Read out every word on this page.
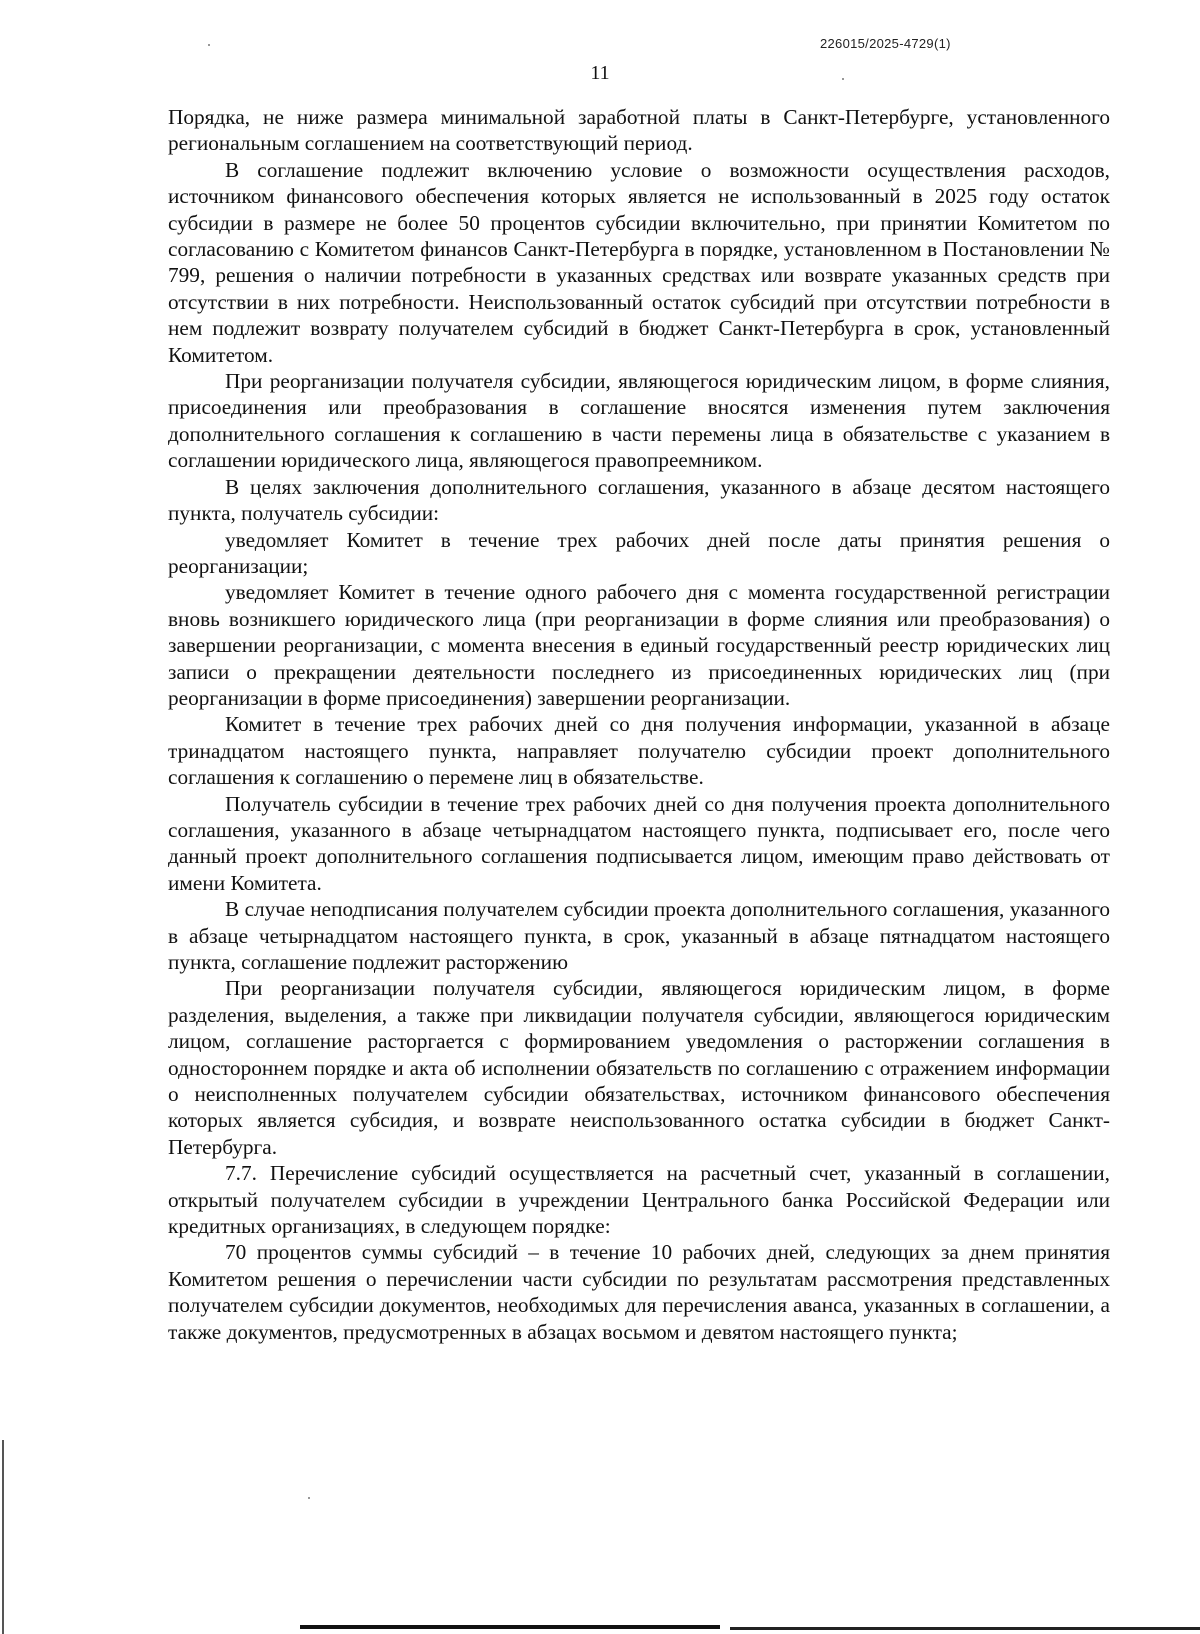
226015/2025-4729(1)
11

Порядка, не ниже размера минимальной заработной платы в Санкт-Петербурге, установленного региональным соглашением на соответствующий период.

В соглашение подлежит включению условие о возможности осуществления расходов, источником финансового обеспечения которых является не использованный в 2025 году остаток субсидии в размере не более 50 процентов субсидии включительно, при принятии Комитетом по согласованию с Комитетом финансов Санкт-Петербурга в порядке, установленном в Постановлении № 799, решения о наличии потребности в указанных средствах или возврате указанных средств при отсутствии в них потребности. Неиспользованный остаток субсидий при отсутствии потребности в нем подлежит возврату получателем субсидий в бюджет Санкт-Петербурга в срок, установленный Комитетом.

При реорганизации получателя субсидии, являющегося юридическим лицом, в форме слияния, присоединения или преобразования в соглашение вносятся изменения путем заключения дополнительного соглашения к соглашению в части перемены лица в обязательстве с указанием в соглашении юридического лица, являющегося правопреемником.

В целях заключения дополнительного соглашения, указанного в абзаце десятом настоящего пункта, получатель субсидии:

уведомляет Комитет в течение трех рабочих дней после даты принятия решения о реорганизации;

уведомляет Комитет в течение одного рабочего дня с момента государственной регистрации вновь возникшего юридического лица (при реорганизации в форме слияния или преобразования) о завершении реорганизации, с момента внесения в единый государственный реестр юридических лиц записи о прекращении деятельности последнего из присоединенных юридических лиц (при реорганизации в форме присоединения) завершении реорганизации.

Комитет в течение трех рабочих дней со дня получения информации, указанной в абзаце тринадцатом настоящего пункта, направляет получателю субсидии проект дополнительного соглашения к соглашению о перемене лиц в обязательстве.

Получатель субсидии в течение трех рабочих дней со дня получения проекта дополнительного соглашения, указанного в абзаце четырнадцатом настоящего пункта, подписывает его, после чего данный проект дополнительного соглашения подписывается лицом, имеющим право действовать от имени Комитета.

В случае неподписания получателем субсидии проекта дополнительного соглашения, указанного в абзаце четырнадцатом настоящего пункта, в срок, указанный в абзаце пятнадцатом настоящего пункта, соглашение подлежит расторжению

При реорганизации получателя субсидии, являющегося юридическим лицом, в форме разделения, выделения, а также при ликвидации получателя субсидии, являющегося юридическим лицом, соглашение расторгается с формированием уведомления о расторжении соглашения в одностороннем порядке и акта об исполнении обязательств по соглашению с отражением информации о неисполненных получателем субсидии обязательствах, источником финансового обеспечения которых является субсидия, и возврате неиспользованного остатка субсидии в бюджет Санкт-Петербурга.

7.7. Перечисление субсидий осуществляется на расчетный счет, указанный в соглашении, открытый получателем субсидии в учреждении Центрального банка Российской Федерации или кредитных организациях, в следующем порядке:

70 процентов суммы субсидий – в течение 10 рабочих дней, следующих за днем принятия Комитетом решения о перечислении части субсидии по результатам рассмотрения представленных получателем субсидии документов, необходимых для перечисления аванса, указанных в соглашении, а также документов, предусмотренных в абзацах восьмом и девятом настоящего пункта;
